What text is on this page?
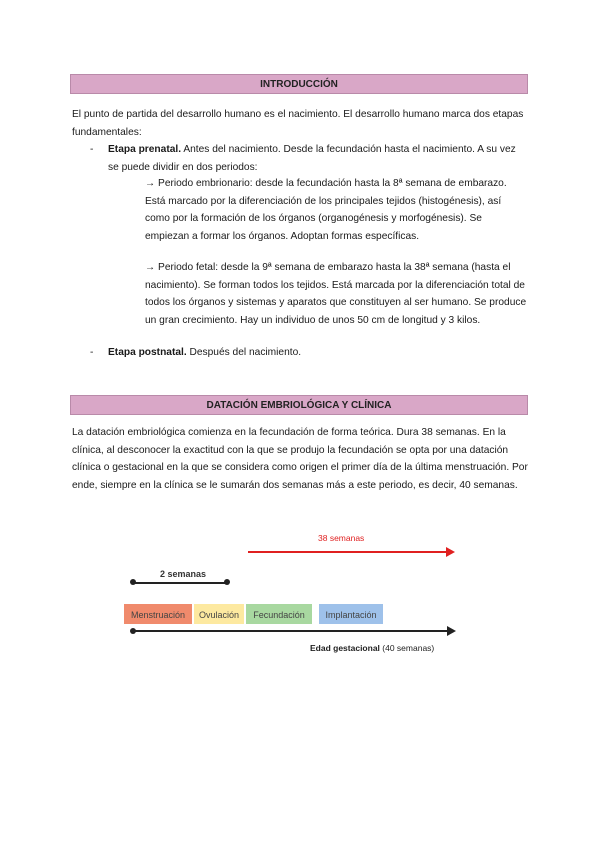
INTRODUCCIÓN

El punto de partida del desarrollo humano es el nacimiento. El desarrollo humano marca dos etapas fundamentales:

- Etapa prenatal. Antes del nacimiento. Desde la fecundación hasta el nacimiento. A su vez se puede dividir en dos periodos:
→ Periodo embrionario: desde la fecundación hasta la 8ª semana de embarazo. Está marcado por la diferenciación de los principales tejidos (histogénesis), así como por la formación de los órganos (organogénesis y morfogénesis). Se empiezan a formar los órganos. Adoptan formas específicas.
→ Periodo fetal: desde la 9ª semana de embarazo hasta la 38ª semana (hasta el nacimiento). Se forman todos los tejidos. Está marcada por la diferenciación total de todos los órganos y sistemas y aparatos que constituyen al ser humano. Se produce un gran crecimiento. Hay un individuo de unos 50 cm de longitud y 3 kilos.
- Etapa postnatal. Después del nacimiento.
DATACIÓN EMBRIOLÓGICA Y CLÍNICA

La datación embriológica comienza en la fecundación de forma teórica. Dura 38 semanas. En la clínica, al desconocer la exactitud con la que se produjo la fecundación se opta por una datación clínica o gestacional en la que se considera como origen el primer día de la última menstruación. Por ende, siempre en la clínica se le sumarán dos semanas más a este periodo, es decir, 40 semanas.

38 semanas
2 semanas
Menstruación	Ovulación	Fecundación	Implantación
Edad gestacional (40 semanas)
